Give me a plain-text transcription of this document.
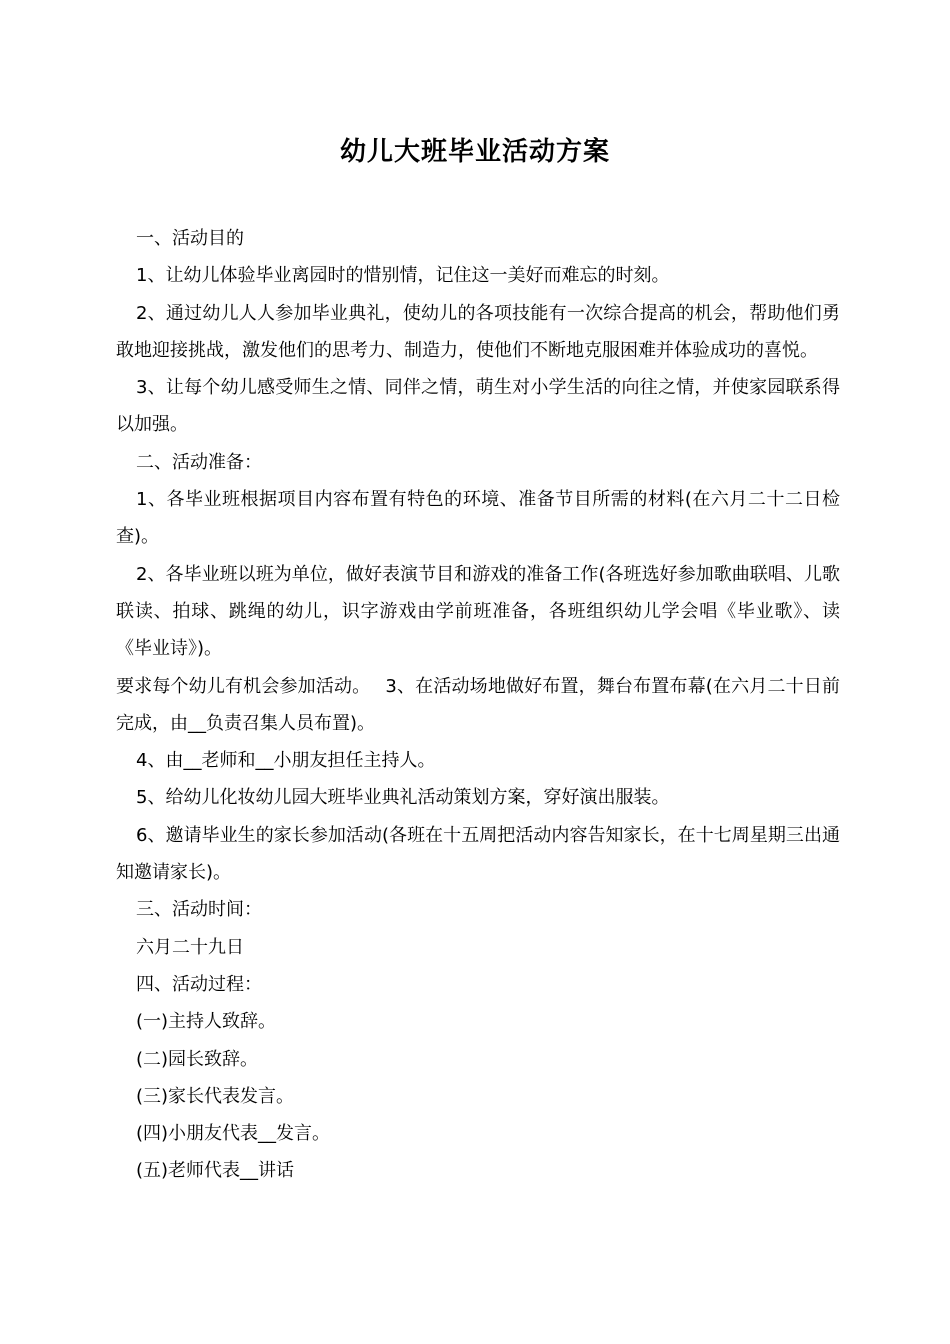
幼儿大班毕业活动方案

一、活动目的

1、让幼儿体验毕业离园时的惜别情，记住这一美好而难忘的时刻。

2、通过幼儿人人参加毕业典礼，使幼儿的各项技能有一次综合提高的机会，帮助他们勇敢地迎接挑战，激发他们的思考力、制造力，使他们不断地克服困难并体验成功的喜悦。

3、让每个幼儿感受师生之情、同伴之情，萌生对小学生活的向往之情，并使家园联系得以加强。

二、活动准备：

1、各毕业班根据项目内容布置有特色的环境、准备节目所需的材料(在六月二十二日检查)。

2、各毕业班以班为单位，做好表演节目和游戏的准备工作(各班选好参加歌曲联唱、儿歌联读、拍球、跳绳的幼儿，识字游戏由学前班准备，各班组织幼儿学会唱《毕业歌》、读《毕业诗》)。

要求每个幼儿有机会参加活动。　 3、在活动场地做好布置，舞台布置布幕(在六月二十日前完成，由__负责召集人员布置)。

4、由__老师和__小朋友担任主持人。

5、给幼儿化妆幼儿园大班毕业典礼活动策划方案，穿好演出服装。

6、邀请毕业生的家长参加活动(各班在十五周把活动内容告知家长，在十七周星期三出通知邀请家长)。

三、活动时间：

六月二十九日

四、活动过程：

(一)主持人致辞。

(二)园长致辞。

(三)家长代表发言。

(四)小朋友代表__发言。

(五)老师代表__讲话
